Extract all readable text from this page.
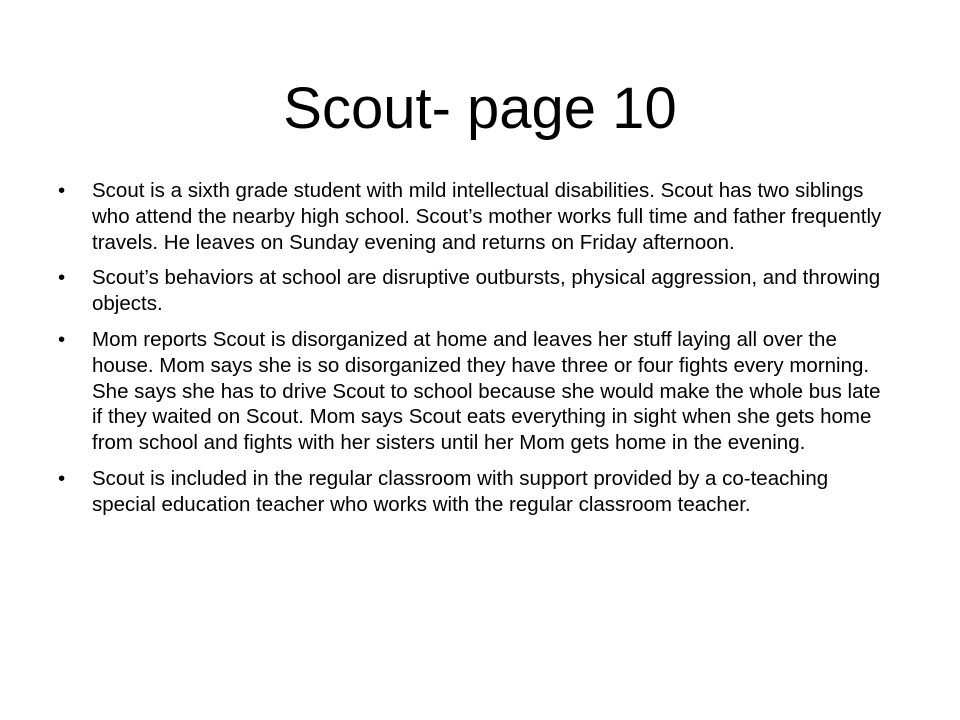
Scout- page 10
•	Scout is a sixth grade student with mild intellectual disabilities. Scout has two siblings who attend the nearby high school. Scout’s mother works full time and father frequently travels. He leaves on Sunday evening and returns on Friday afternoon.
•	Scout’s behaviors at school are disruptive outbursts, physical aggression, and throwing objects.
•	Mom reports Scout is disorganized at home and leaves her stuff laying all over the house. Mom says she is so disorganized they have three or four fights every morning. She says she has to drive Scout to school because she would make the whole bus late if they waited on Scout. Mom says Scout eats everything in sight when she gets home from school and fights with her sisters until her Mom gets home in the evening.
•	Scout is included in the regular classroom with support provided by a co-teaching special education teacher who works with the regular classroom teacher.
